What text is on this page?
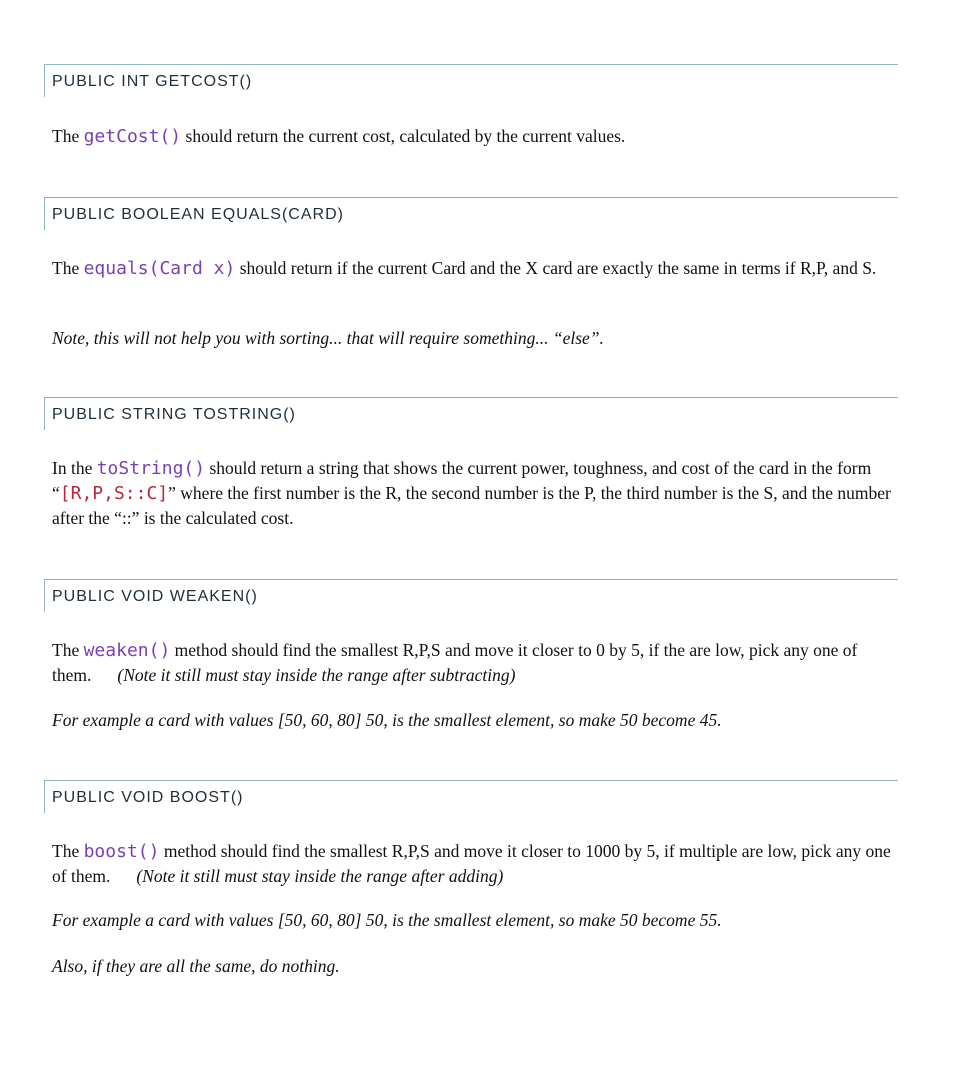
PUBLIC INT GETCOST()
The getCost() should return the current cost, calculated by the current values.
PUBLIC BOOLEAN EQUALS(CARD)
The equals(Card x) should return if the current Card and the X card are exactly the same in terms if R,P, and S.
Note, this will not help you with sorting... that will require something... “else”.
PUBLIC STRING TOSTRING()
In the toString() should return a string that shows the current power, toughness, and cost of the card in the form “[R,P,S::C]” where the first number is the R, the second number is the P, the third number is the S, and the number after the “::” is the calculated cost.
PUBLIC VOID WEAKEN()
The weaken() method should find the smallest R,P,S and move it closer to 0 by 5, if the are low, pick any one of them. (Note it still must stay inside the range after subtracting)
For example a card with values [50, 60, 80] 50, is the smallest element, so make 50 become 45.
PUBLIC VOID BOOST()
The boost() method should find the smallest R,P,S and move it closer to 1000 by 5, if multiple are low, pick any one of them. (Note it still must stay inside the range after adding)
For example a card with values [50, 60, 80] 50, is the smallest element, so make 50 become 55.
Also, if they are all the same, do nothing.
